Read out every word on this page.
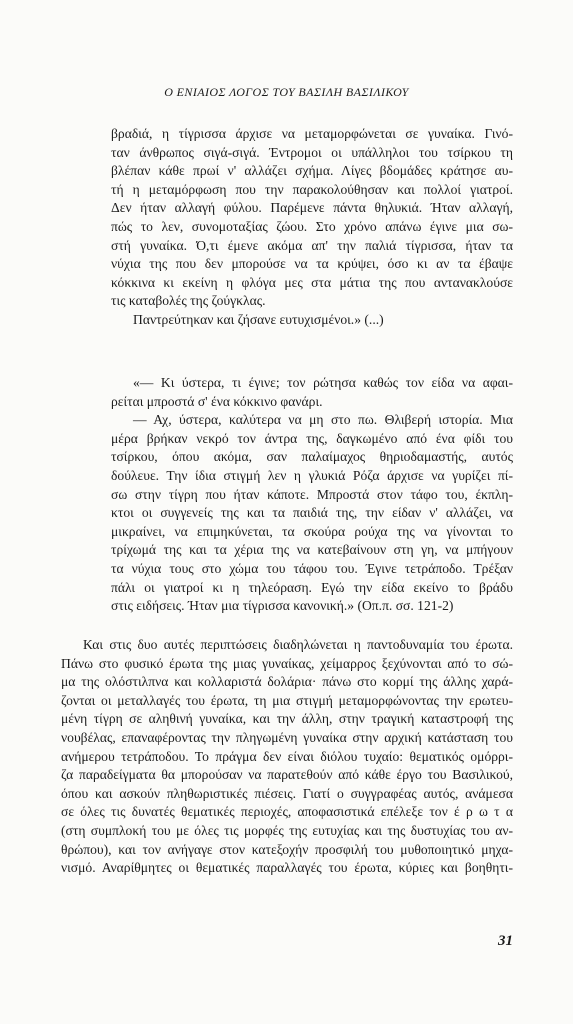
Ο ΕΝΙΑΙΟΣ ΛΟΓΟΣ ΤΟΥ ΒΑΣΙΛΗ ΒΑΣΙΛΙΚΟΥ
βραδιά, η τίγρισσα άρχισε να μεταμορφώνεται σε γυναίκα. Γινό-
ταν άνθρωπος σιγά-σιγά. Έντρομοι οι υπάλληλοι του τσίρκου τη
βλέπαν κάθε πρωί ν' αλλάζει σχήμα. Λίγες βδομάδες κράτησε αυ-
τή η μεταμόρφωση που την παρακολούθησαν και πολλοί γιατροί.
Δεν ήταν αλλαγή φύλου. Παρέμενε πάντα θηλυκιά. Ήταν αλλαγή,
πώς το λεν, συνομοταξίας ζώου. Στο χρόνο απάνω έγινε μια σω-
στή γυναίκα. Ό,τι έμενε ακόμα απ' την παλιά τίγρισσα, ήταν τα
νύχια της που δεν μπορούσε να τα κρύψει, όσο κι αν τα έβαψε
κόκκινα κι εκείνη η φλόγα μες στα μάτια της που αντανακλούσε
τις καταβολές της ζούγκλας.
Παντρεύτηκαν και ζήσανε ευτυχισμένοι.» (...)
«— Κι ύστερα, τι έγινε; τον ρώτησα καθώς τον είδα να αφαι-
ρείται μπροστά σ' ένα κόκκινο φανάρι.
— Αχ, ύστερα, καλύτερα να μη στο πω. Θλιβερή ιστορία. Μια
μέρα βρήκαν νεκρό τον άντρα της, δαγκωμένο από ένα φίδι του
τσίρκου, όπου ακόμα, σαν παλαίμαχος θηριοδαμαστής, αυτός
δούλευε. Την ίδια στιγμή λεν η γλυκιά Ρόζα άρχισε να γυρίζει πί-
σω στην τίγρη που ήταν κάποτε. Μπροστά στον τάφο του, έκπλη-
κτοι οι συγγενείς της και τα παιδιά της, την είδαν ν' αλλάζει, να
μικραίνει, να επιμηκύνεται, τα σκούρα ρούχα της να γίνονται το
τρίχωμά της και τα χέρια της να κατεβαίνουν στη γη, να μπήγουν
τα νύχια τους στο χώμα του τάφου του. Έγινε τετράποδο. Τρέξαν
πάλι οι γιατροί κι η τηλεόραση. Εγώ την είδα εκείνο το βράδυ
στις ειδήσεις. Ήταν μια τίγρισσα κανονική.» (Οπ.π. σσ. 121-2)
Και στις δυο αυτές περιπτώσεις διαδηλώνεται η παντοδυναμία του έρωτα.
Πάνω στο φυσικό έρωτα της μιας γυναίκας, χείμαρρος ξεχύνονται από το σώ-
μα της ολόστιλπνα και κολλαριστά δολάρια· πάνω στο κορμί της άλλης χαρά-
ζονται οι μεταλλαγές του έρωτα, τη μια στιγμή μεταμορφώνοντας την ερωτευ-
μένη τίγρη σε αληθινή γυναίκα, και την άλλη, στην τραγική καταστροφή της
νουβέλας, επαναφέροντας την πληγωμένη γυναίκα στην αρχική κατάσταση του
ανήμερου τετράποδου. Το πράγμα δεν είναι διόλου τυχαίο: θεματικός ομόρρι-
ζα παραδείγματα θα μπορούσαν να παρατεθούν από κάθε έργο του Βασιλικού,
όπου και ασκούν πληθωριστικές πιέσεις. Γιατί ο συγγραφέας αυτός, ανάμεσα
σε όλες τις δυνατές θεματικές περιοχές, αποφασιστικά επέλεξε τον έ ρ ω τ α
(στη συμπλοκή του με όλες τις μορφές της ευτυχίας και της δυστυχίας του αν-
θρώπου), και τον ανήγαγε στον κατεξοχήν προσφιλή του μυθοποιητικό μηχα-
νισμό. Αναρίθμητες οι θεματικές παραλλαγές του έρωτα, κύριες και βοηθητι-
31
